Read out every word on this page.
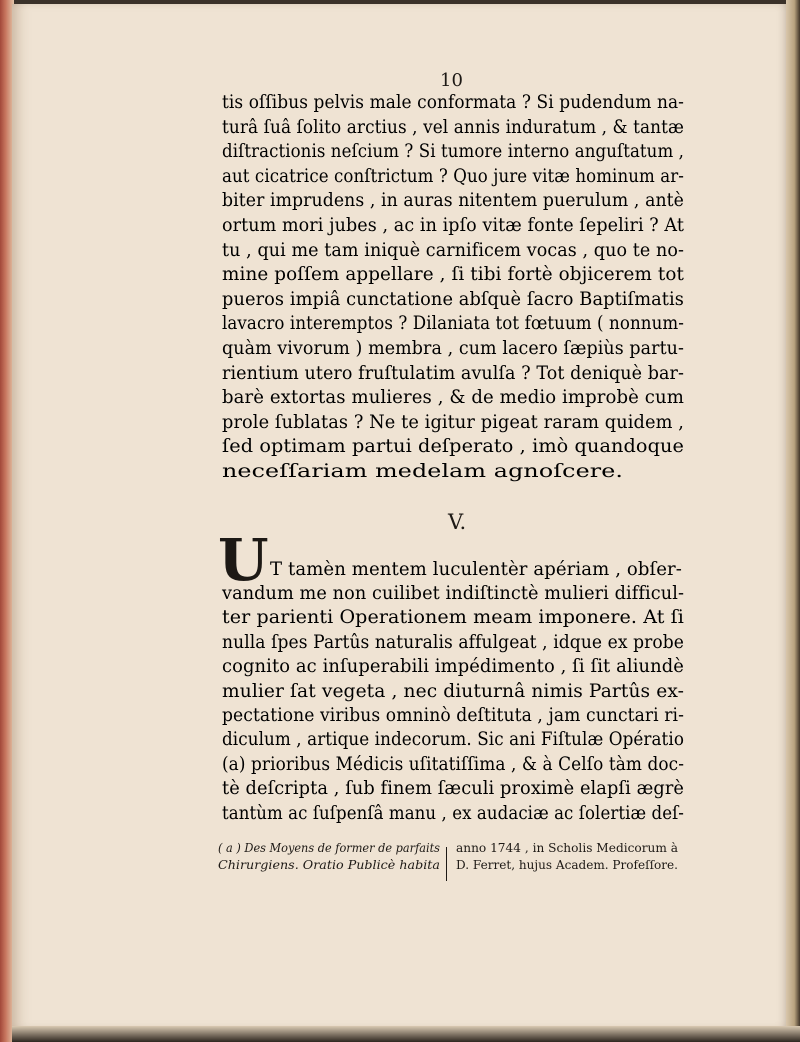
10
tis oſſibus pelvis male conformata ? Si pudendum na-
turâ ſuâ ſolito arctius , vel annis induratum , & tantæ
diſtractionis neſcium ? Si tumore interno anguſtatum ,
aut cicatrice conſtrictum ? Quo jure vitæ hominum ar-
biter imprudens , in auras nitentem puerulum , antè
ortum mori jubes , ac in ipſo vitæ fonte ſepeliri ? At
tu , qui me tam iniquè carnificem vocas , quo te no-
mine poſſem appellare , ſi tibi fortè objicerem tot
pueros impiâ cunctatione abſquè ſacro Baptiſmatis
lavacro interemptos ? Dilaniata tot fœtuum ( nonnum-
quàm vivorum ) membra , cum lacero ſæpiùs partu-
rientium utero fruſtulatim avulſa ? Tot deniquè bar-
barè extortas mulieres , & de medio improbè cum
prole ſublatas ? Ne te igitur pigeat raram quidem ,
ſed optimam partui deſperato , imò quandoque
neceſſariam medelam agnoſcere.
V.
U T tamèn mentem luculentèr apériam , obſer-
vandum me non cuilibet indiſtinctè mulieri difficul-
ter parienti Operationem meam imponere. At ſi
nulla ſpes Partûs naturalis affulgeat , idque ex probe
cognito ac inſuperabili impédimento , ſi ſit aliundè
mulier ſat vegeta , nec diuturnâ nimis Partûs ex-
pectatione viribus omninò deſtituta , jam cunctari ri-
diculum , artique indecorum. Sic ani Fiſtulæ Opératio
(a) prioribus Médicis uſitatiſſima , & à Celſo tàm doc-
tè deſcripta , ſub finem ſæculi proximè elapſi ægrè
tantùm ac ſuſpenſâ manu , ex audaciæ ac ſolertiæ deſ-
( a ) Des Moyens de former de parfaits
Chirurgiens. Oratio Publicè habita
anno 1744 , in Scholis Medicorum à
D. Ferret, hujus Academ. Profeſſore.
